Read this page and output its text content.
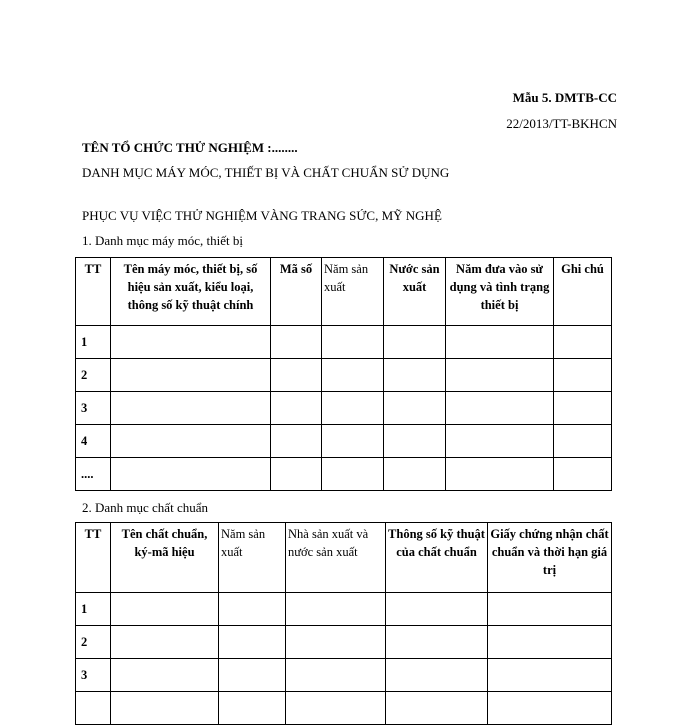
Mẫu 5. DMTB-CC
22/2013/TT-BKHCN
TÊN TỔ CHỨC THỬ NGHIỆM :........
DANH MỤC MÁY MÓC, THIẾT BỊ VÀ CHẤT CHUẨN SỬ DỤNG
PHỤC VỤ VIỆC THỬ NGHIỆM VÀNG TRANG SỨC, MỸ NGHỆ
1. Danh mục máy móc, thiết bị
TT	Tên máy móc, thiết bị, số hiệu sản xuất, kiểu loại, thông số kỹ thuật chính	Mã số	Năm sản xuất	Nước sản xuất	Năm đưa vào sử dụng và tình trạng thiết bị	Ghi chú
1						
2						
3						
4						
....						
2. Danh mục chất chuẩn
TT	Tên chất chuẩn, ký-mã hiệu	Năm sản xuất	Nhà sản xuất và nước sản xuất	Thông số kỹ thuật của chất chuẩn	Giấy chứng nhận chất chuẩn và thời hạn giá trị
1					
2					
3					
